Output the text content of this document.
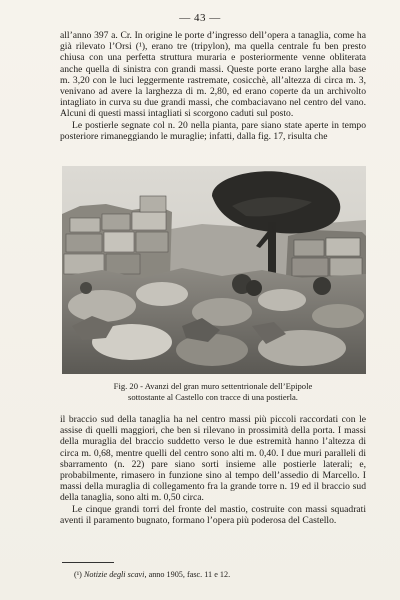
— 43 —

all’anno 397 a. Cr. In origine le porte d’ingresso dell’opera a tanaglia, come ha già rilevato l’Orsi (¹), erano tre (tripylon), ma quella centrale fu ben presto chiusa con una perfetta struttura muraria e posteriormente venne obliterata anche quella di sinistra con grandi massi. Queste porte erano larghe alla base m. 3,20 con le luci leggermente rastremate, cosicchè, all’altezza di circa m. 3, venivano ad avere la larghezza di m. 2,80, ed erano coperte da un archivolto intagliato in curva su due grandi massi, che combaciavano nel centro del vano. Alcuni di questi massi intagliati si scorgono caduti sul posto.

Le postierle segnate col n. 20 nella pianta, pare siano state aperte in tempo posteriore rimaneggiando le muraglie; infatti, dalla fig. 17, risulta che

Fig. 20 - Avanzi del gran muro settentrionale dell’Epipole
sottostante al Castello con tracce di una postierla.

il braccio sud della tanaglia ha nel centro massi più piccoli raccordati con le assise di quelli maggiori, che ben si rilevano in prossimità della porta. I massi della muraglia del braccio suddetto verso le due estremità hanno l’altezza di circa m. 0,68, mentre quelli del centro sono alti m. 0,40. I due muri paralleli di sbarramento (n. 22) pare siano sorti insieme alle postierle laterali; e, probabilmente, rimasero in funzione sino al tempo dell’assedio di Marcello. I massi della muraglia di collegamento fra la grande torre n. 19 ed il braccio sud della tanaglia, sono alti m. 0,50 circa.

Le cinque grandi torri del fronte del mastio, costruite con massi squadrati aventi il paramento bugnato, formano l’opera più poderosa del Castello.

(¹) Notizie degli scavi, anno 1905, fasc. 11 e 12.
